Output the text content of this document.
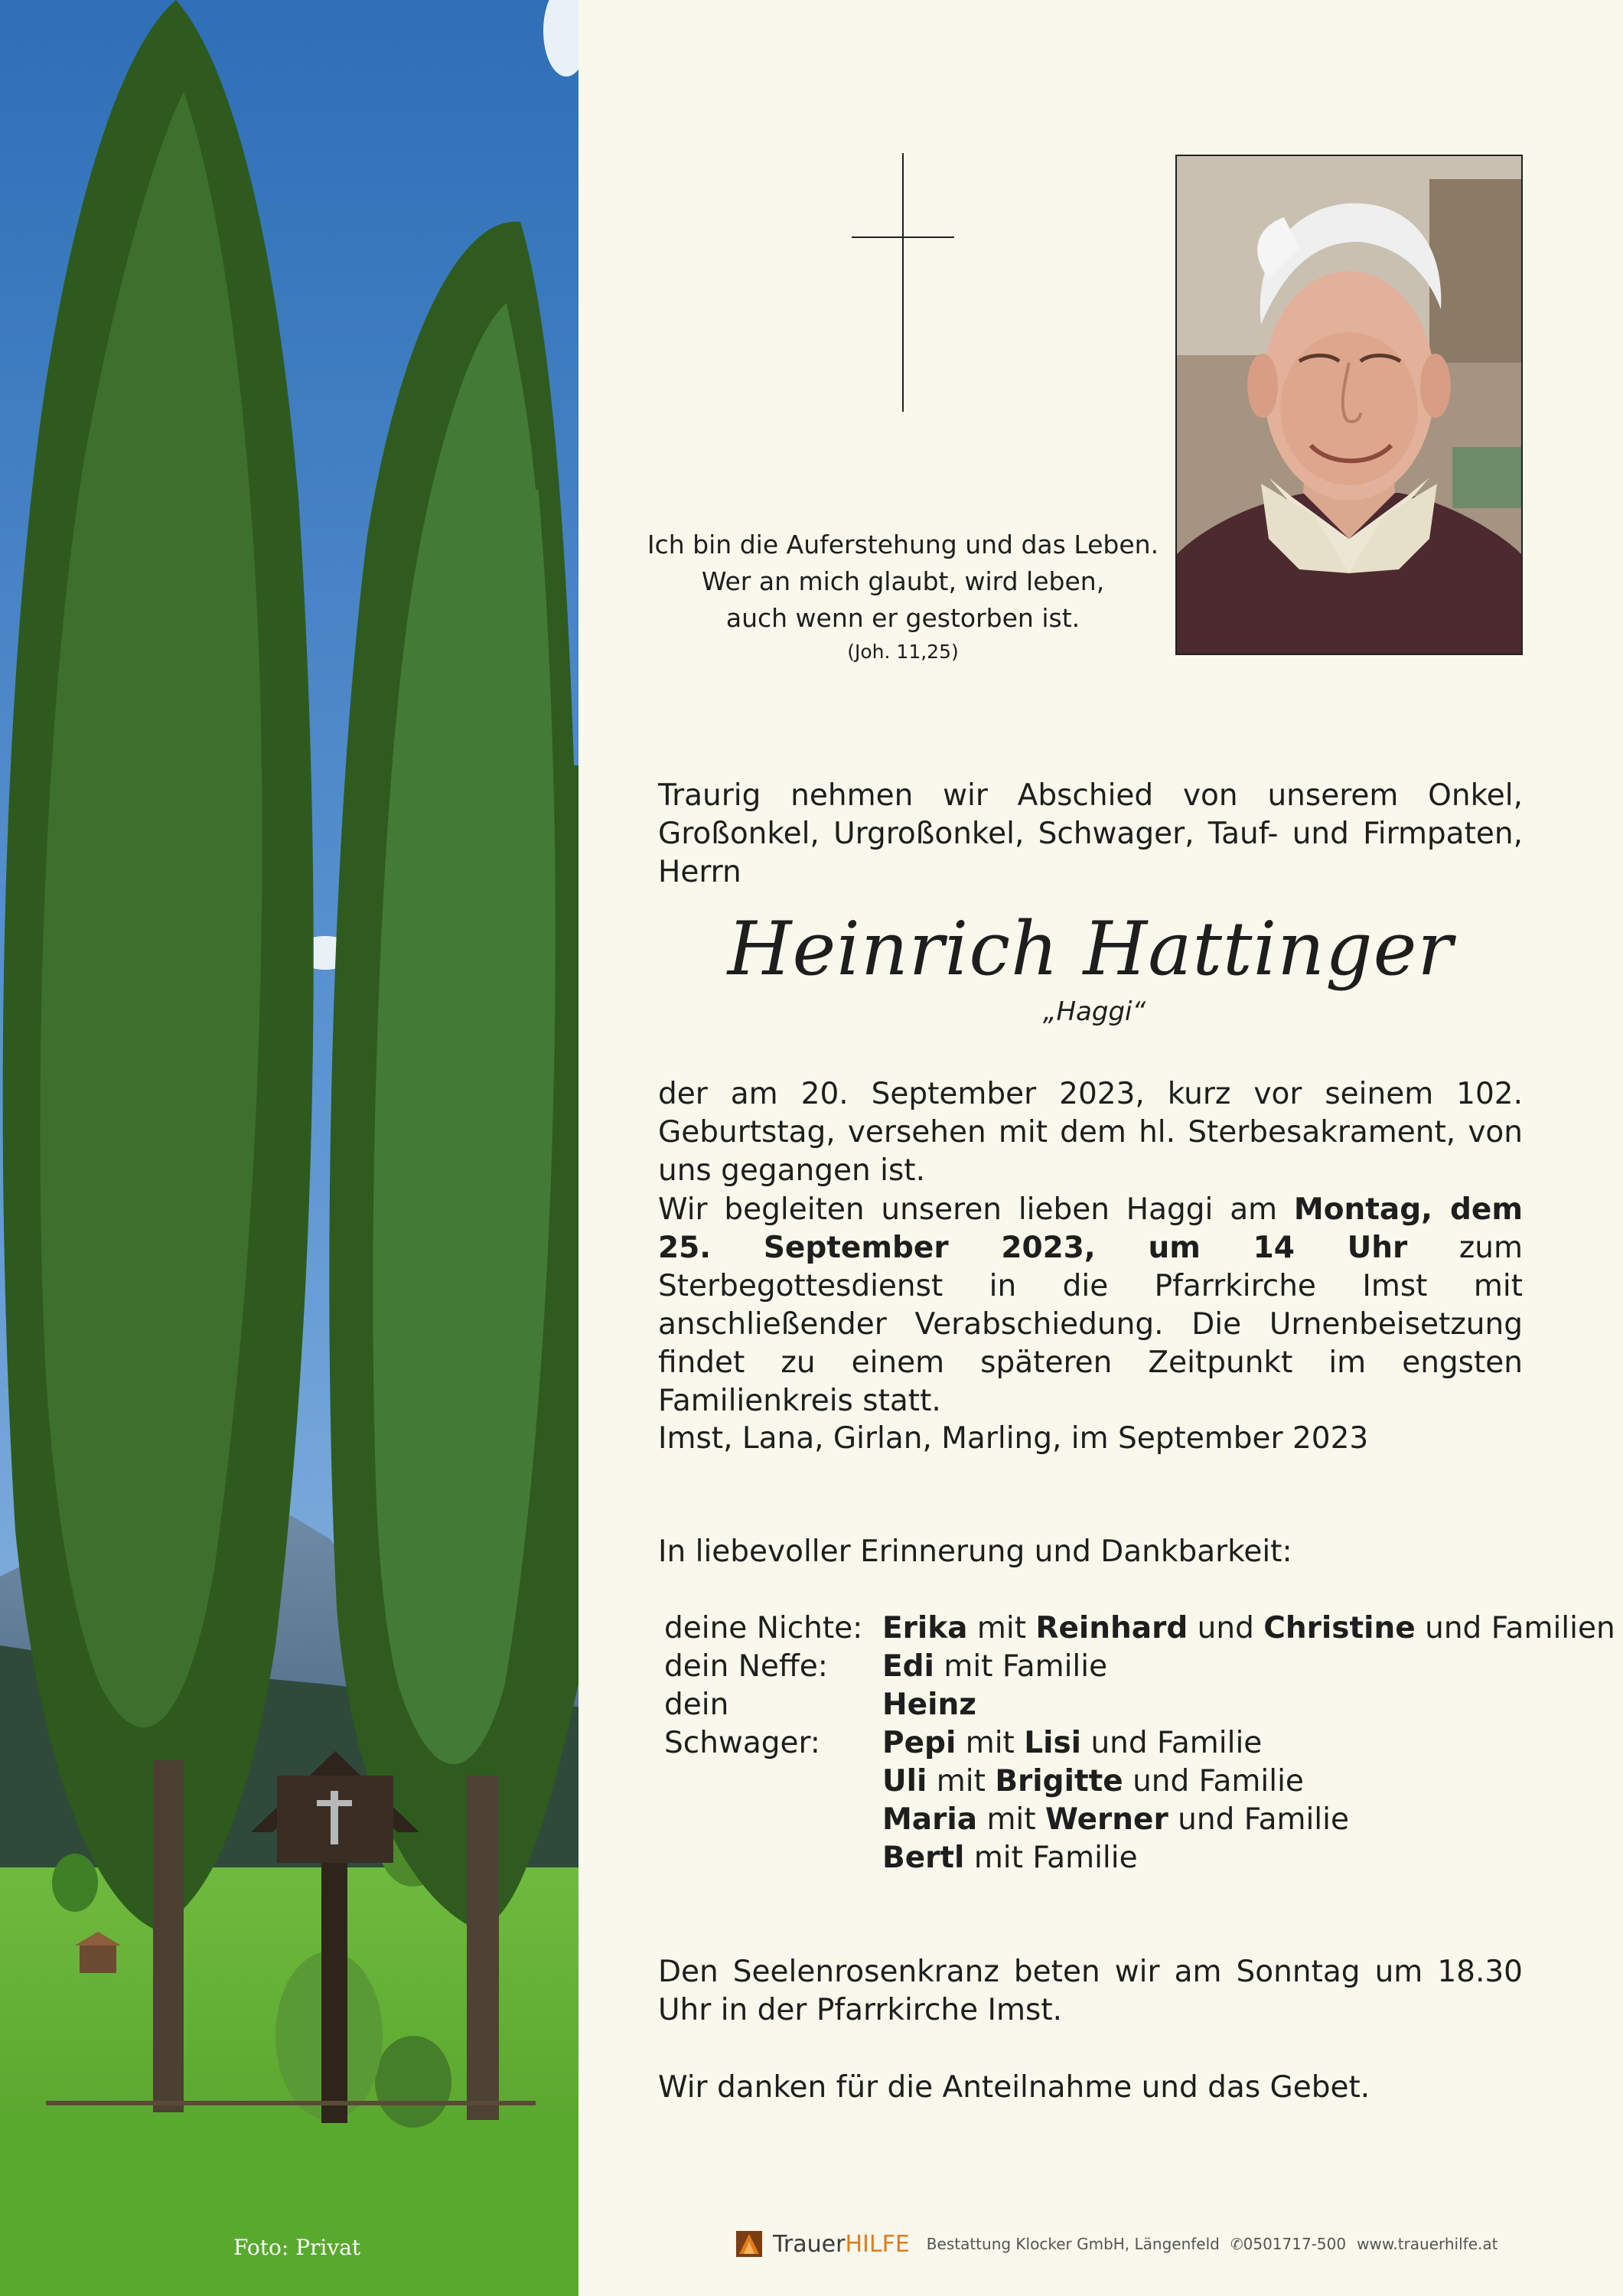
Foto: Privat
Ich bin die Auferstehung und das Leben.
Wer an mich glaubt, wird leben,
auch wenn er gestorben ist.
(Joh. 11,25)
Traurig nehmen wir Abschied von unserem Onkel, Großonkel, Urgroßonkel, Schwager, Tauf- und Firmpaten, Herrn
Heinrich Hattinger
„Haggi“
der am 20. September 2023, kurz vor seinem 102. Geburtstag, versehen mit dem hl. Sterbesakrament, von uns gegangen ist.
Wir begleiten unseren lieben Haggi am Montag, dem 25. September 2023, um 14 Uhr zum Sterbegottesdienst in die Pfarrkirche Imst mit anschließender Verabschiedung. Die Urnenbeisetzung findet zu einem späteren Zeitpunkt im engsten Familienkreis statt.
Imst, Lana, Girlan, Marling, im September 2023
In liebevoller Erinnerung und Dankbarkeit:
deine Nichte: Erika mit Reinhard und Christine und Familien
dein Neffe:	Edi mit Familie
dein Schwager:
Heinz
Pepi mit Lisi und Familie
Uli mit Brigitte und Familie
Maria mit Werner und Familie
Bertl mit Familie
Den Seelenrosenkranz beten wir am Sonntag um 18.30 Uhr in der Pfarrkirche Imst.
Wir danken für die Anteilnahme und das Gebet.
TrauerHILFE Bestattung Klocker GmbH, Längenfeld ✆0501717-500 www.trauerhilfe.at
